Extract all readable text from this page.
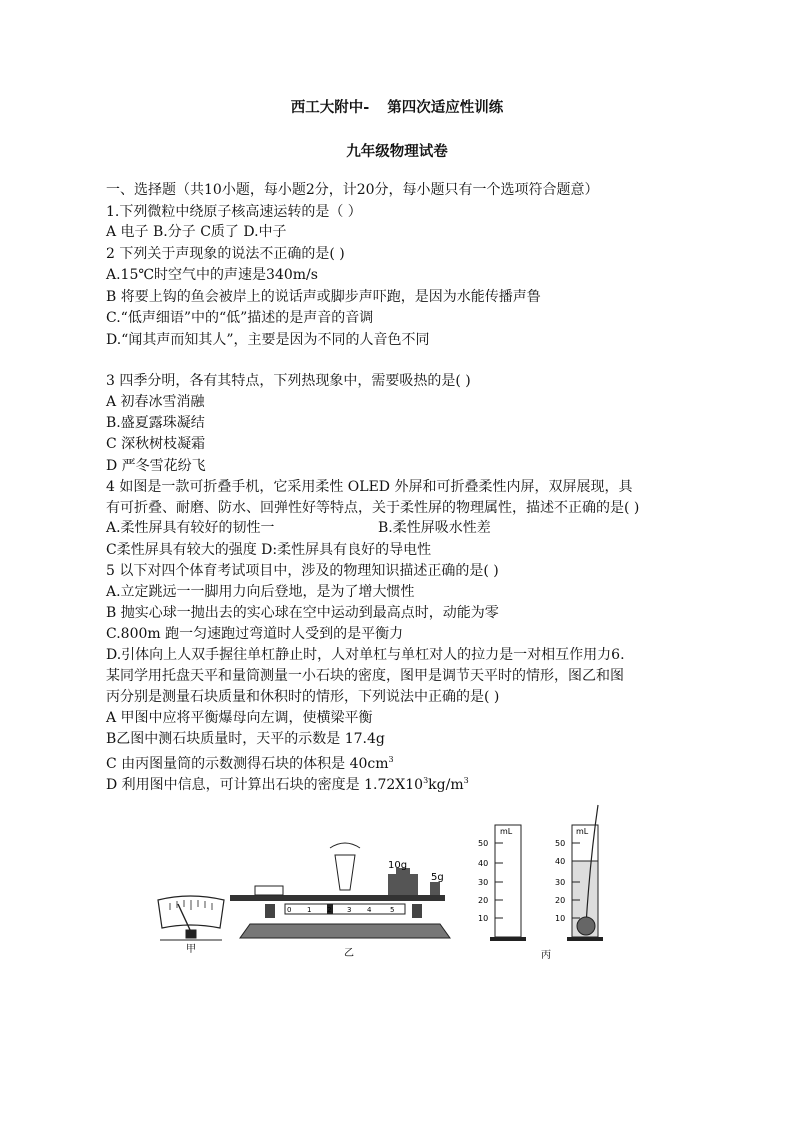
西工大附中- 第四次适应性训练
九年级物理试卷
一、选择题（共10小题，每小题2分，计20分，每小题只有一个选项符合题意）
1.下列微粒中绕原子核高速运转的是（ ）
A 电子 B.分子 C质了 D.中子
2 下列关于声现象的说法不正确的是( )
A.15℃时空气中的声速是340m/s
B 将要上钩的鱼会被岸上的说话声或脚步声吓跑，是因为水能传播声鲁
C.“低声细语”中的“低”描述的是声音的音调
D.“闻其声而知其人”，主要是因为不同的人音色不同
3 四季分明，各有其特点，下列热现象中，需要吸热的是( )
A 初春冰雪消融
B.盛夏露珠凝结
C 深秋树枝凝霜
D 严冬雪花纷飞
4 如图是一款可折叠手机，它采用柔性 OLED 外屏和可折叠柔性内屏，双屏展现，具
有可折叠、耐磨、防水、回弹性好等特点，关于柔性屏的物理属性，描述不正确的是( )
A.柔性屏具有较好的韧性一	B.柔性屏吸水性差
C柔性屏具有较大的强度 D:柔性屏具有良好的导电性
5 以下对四个体育考试项目中，涉及的物理知识描述正确的是( )
A.立定跳远一一脚用力向后登地，是为了增大惯性
B 抛实心球一抛出去的实心球在空中运动到最高点时，动能为零
C.800m 跑一匀速跑过弯道时人受到的是平衡力
D.引体向上人双手握往单杠静止时，人对单杠与单杠对人的拉力是一对相互作用力6.
某同学用托盘天平和量筒测量一小石块的密度，图甲是调节天平时的情形，图乙和图
丙分别是测量石块质量和休积时的情形，下列说法中正确的是( )
A 甲图中应将平衡爆母向左调，使横梁平衡
B乙图中测石块质量时，天平的示数是 17.4g
C 由丙图量筒的示数测得石块的体积是 $40cm^3$
D 利用图中信息，可计算出石块的密度是 $1.72X10^3kg/m^3$
甲
10g
5g
0 1 2 3 4	5
乙
mL
50
40
30
20
10
mL
50
40
30
20
10
丙
